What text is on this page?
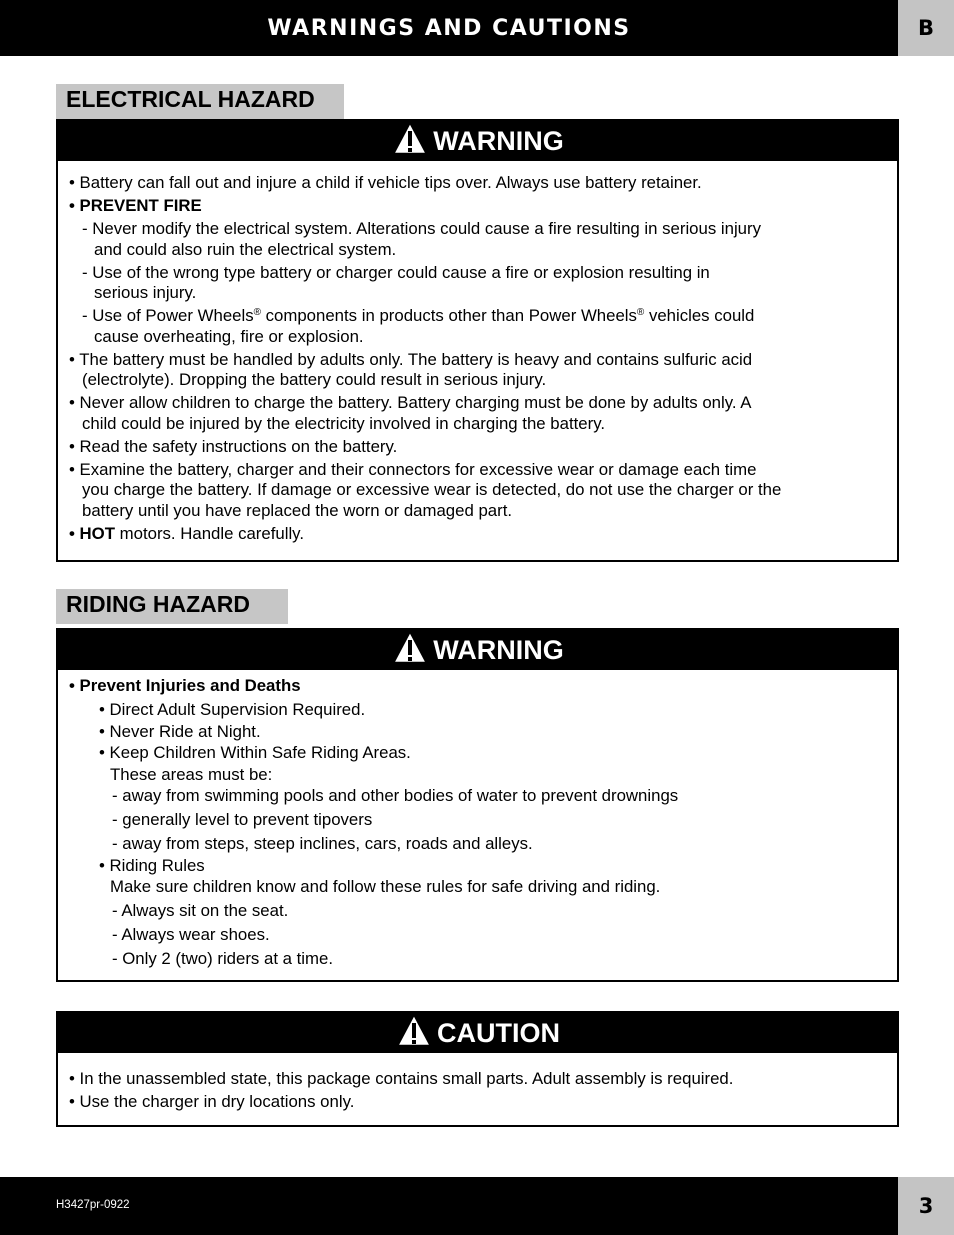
WARNINGS AND CAUTIONS	B
ELECTRICAL HAZARD
WARNING
• Battery can fall out and injure a child if vehicle tips over. Always use battery retainer.
• PREVENT FIRE
- Never modify the electrical system. Alterations could cause a fire resulting in serious injury
and could also ruin the electrical system.
- Use of the wrong type battery or charger could cause a fire or explosion resulting in
serious injury.
- Use of Power Wheels® components in products other than Power Wheels® vehicles could
cause overheating, fire or explosion.
• The battery must be handled by adults only. The battery is heavy and contains sulfuric acid
(electrolyte). Dropping the battery could result in serious injury.
• Never allow children to charge the battery. Battery charging must be done by adults only. A
child could be injured by the electricity involved in charging the battery.
• Read the safety instructions on the battery.
• Examine the battery, charger and their connectors for excessive wear or damage each time
you charge the battery. If damage or excessive wear is detected, do not use the charger or the
battery until you have replaced the worn or damaged part.
• HOT motors. Handle carefully.
RIDING HAZARD
WARNING
• Prevent Injuries and Deaths
• Direct Adult Supervision Required.
• Never Ride at Night.
• Keep Children Within Safe Riding Areas.
These areas must be:
- away from swimming pools and other bodies of water to prevent drownings
- generally level to prevent tipovers
- away from steps, steep inclines, cars, roads and alleys.
• Riding Rules
Make sure children know and follow these rules for safe driving and riding.
- Always sit on the seat.
- Always wear shoes.
- Only 2 (two) riders at a time.
CAUTION
• In the unassembled state, this package contains small parts. Adult assembly is required.
• Use the charger in dry locations only.
H3427pr-0922	3
